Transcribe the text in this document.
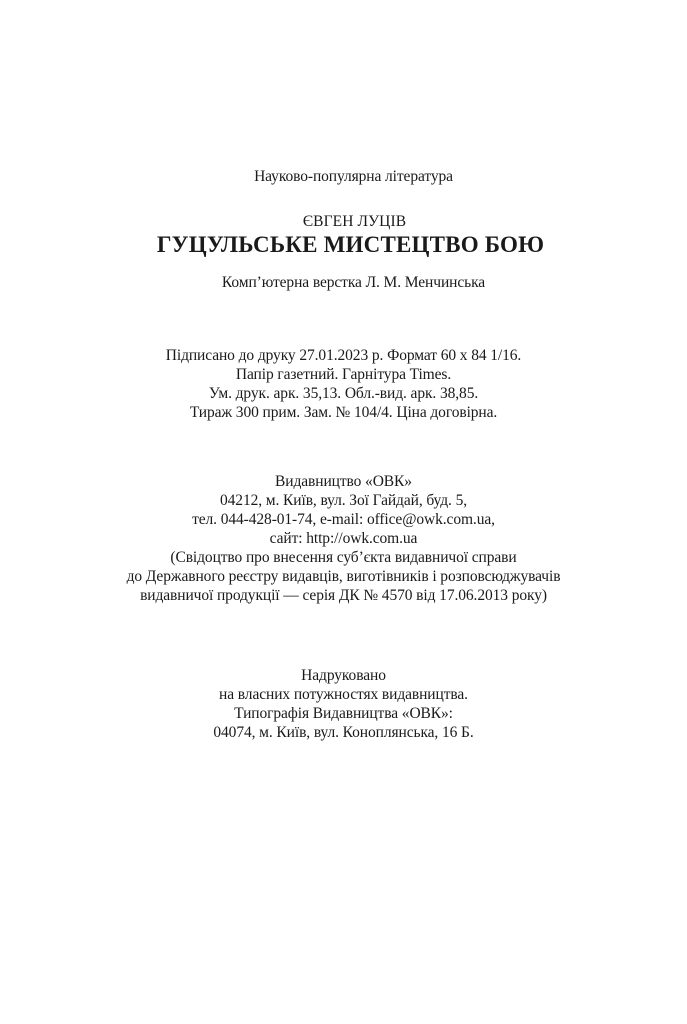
Науково-популярна література
ЄВГЕН ЛУЦІВ
ГУЦУЛЬСЬКЕ МИСТЕЦТВО БОЮ
Комп’ютерна верстка Л. М. Менчинська
Підписано до друку 27.01.2023 р. Формат 60 х 84 1/16.
Папір газетний. Гарнітура Times.
Ум. друк. арк. 35,13. Обл.-вид. арк. 38,85.
Тираж 300 прим. Зам. № 104/4. Ціна договірна.
Видавництво «ОВК»
04212, м. Київ, вул. Зої Гайдай, буд. 5,
тел. 044-428-01-74, e-mail: office@owk.com.ua,
сайт: http://owk.com.ua
(Свідоцтво про внесення суб’єкта видавничої справи
до Державного реєстру видавців, виготівників і розповсюджувачів
видавничої продукції — серія ДК № 4570 від 17.06.2013 року)
Надруковано
на власних потужностях видавництва.
Типографія Видавництва «ОВК»:
04074, м. Київ, вул. Коноплянська, 16 Б.
